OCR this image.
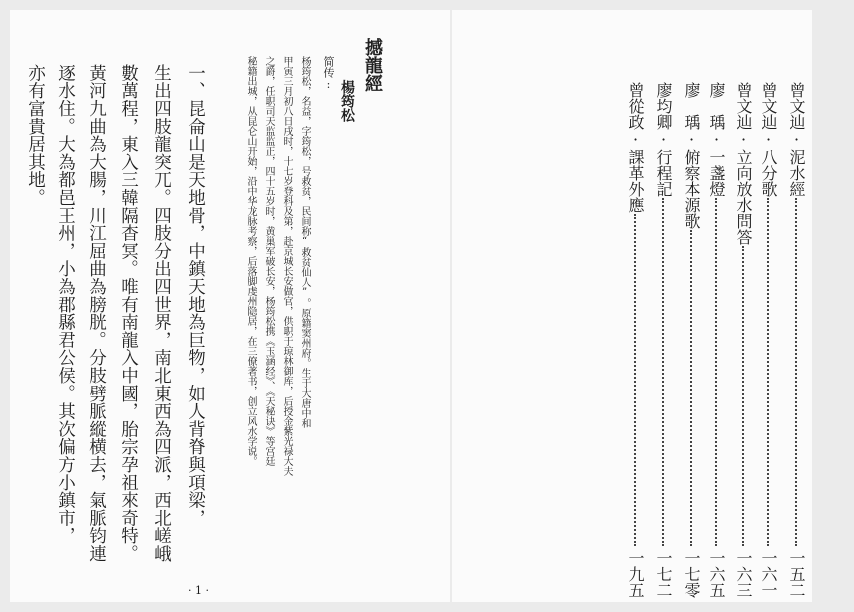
撼龍經
楊筠松
简传:
杨筠松，名益，字筠松，号救贫，民间称“救贫仙人”。原籍窦州府。生于大唐中和
甲寅三月初八日戌时，十七岁登科及第，赴京城长安做官，供职于琼林御库，后授金紫光禄大夫
之爵，任职司天监监正，四十五岁时，黄巢军破长安，杨筠松携《玉涵经》、《天秘诀》等宫廷
秘籍出城，从昆仑山开始，沿中华龙脉考察，后落脚虔州隐居，在三僚著书，创立风水学说。
一、昆侖山是天地骨，中鎮天地為巨物，如人背脊與項梁，
生出四肢龍突兀。四肢分出四世界，南北東西為四派，西北嵯峨
數萬程，東入三韓隔杳冥。唯有南龍入中國，胎宗孕祖來奇特。
黃河九曲為大腸，川江屈曲為膀胱。分肢劈脈縱横去，氣脈钧連
逐水住。大為都邑王州，小為郡縣君公侯。其次偏方小鎮市，
亦有富貴居其地。
· 1 ·
曾文辿·泥水經
一五二
曾文辿·八分歌
一六一
曾文辿·立向放水問答
一六三
廖　瑀·一盞燈
一六五
廖　瑀·俯察本源歌
一七零
廖均卿·行程記
一七二
曾從政·課革外應
一九五
